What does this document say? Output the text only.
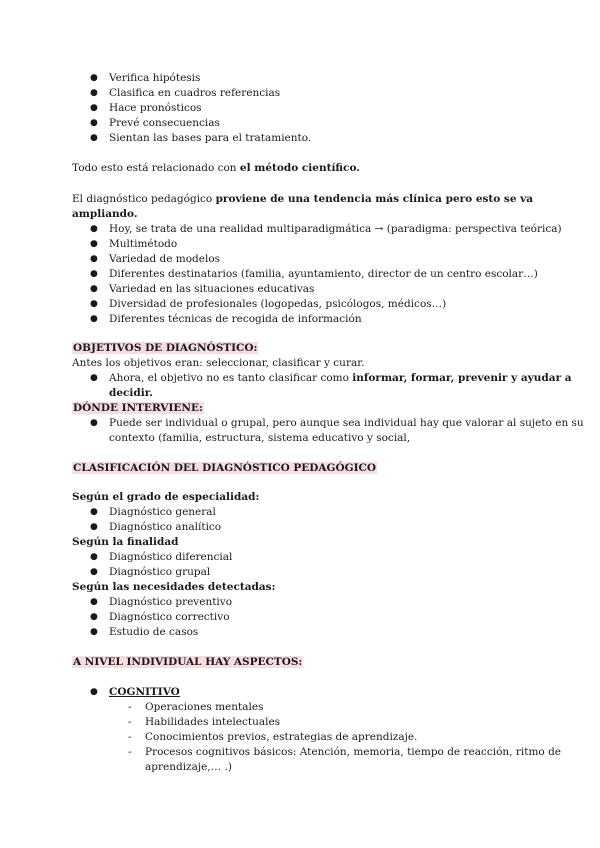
● Verifica hipótesis
● Clasifica en cuadros referencias
● Hace pronósticos
● Prevé consecuencias
● Sientan las bases para el tratamiento.
Todo esto está relacionado con el método científico.
El diagnóstico pedagógico proviene de una tendencia más clínica pero esto se va
ampliando.
● Hoy, se trata de una realidad multiparadigmática → (paradigma: perspectiva teórica)
● Multimétodo
● Variedad de modelos
● Diferentes destinatarios (familia, ayuntamiento, director de un centro escolar…)
● Variedad en las situaciones educativas
● Diversidad de profesionales (logopedas, psicólogos, médicos…)
● Diferentes técnicas de recogida de información
OBJETIVOS DE DIAGNÓSTICO:
Antes los objetivos eran: seleccionar, clasificar y curar.
● Ahora, el objetivo no es tanto clasificar como informar, formar, prevenir y ayudar a
decidir.
DÓNDE INTERVIENE:
● Puede ser individual o grupal, pero aunque sea individual hay que valorar al sujeto en su
contexto (familia, estructura, sistema educativo y social,
CLASIFICACIÓN DEL DIAGNÓSTICO PEDAGÓGICO
Según el grado de especialidad:
● Diagnóstico general
● Diagnóstico analítico
Según la finalidad
● Diagnóstico diferencial
● Diagnóstico grupal
Según las necesidades detectadas:
● Diagnóstico preventivo
● Diagnóstico correctivo
● Estudio de casos
A NIVEL INDIVIDUAL HAY ASPECTOS:
● COGNITIVO
- Operaciones mentales
- Habilidades intelectuales
- Conocimientos previos, estrategias de aprendizaje.
- Procesos cognitivos básicos: Atención, memoria, tiempo de reacción, ritmo de
aprendizaje,… .)
